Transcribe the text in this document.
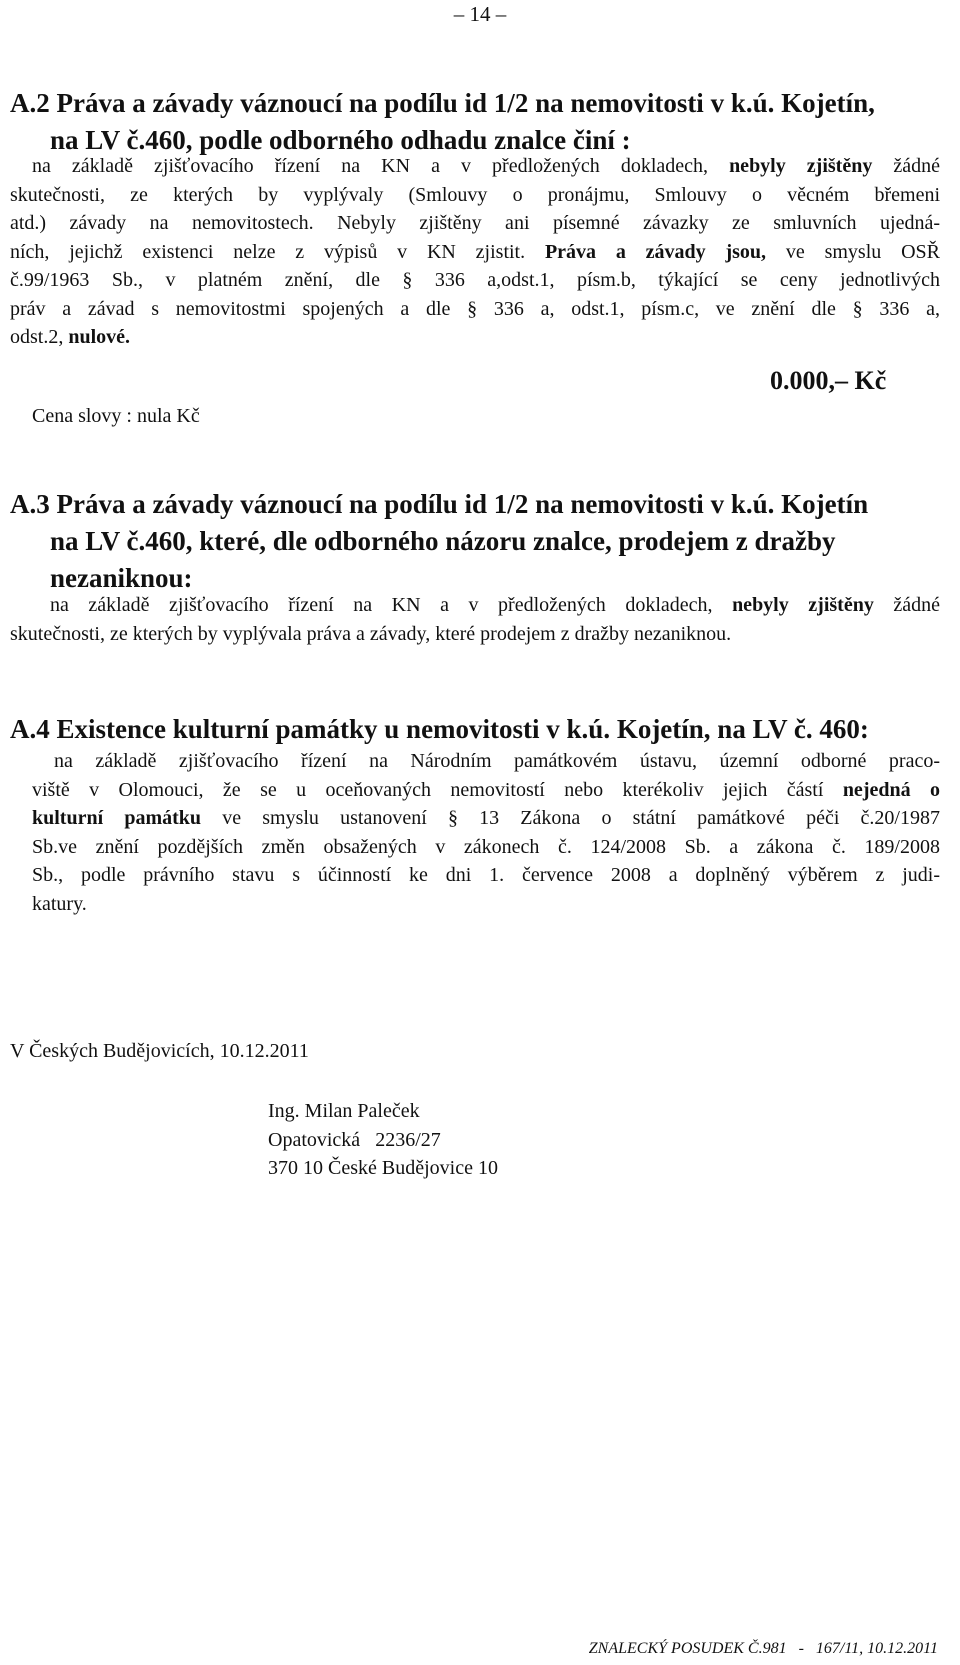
– 14 –
A.2 Práva a závady váznoucí na podílu id 1/2 na nemovitosti v k.ú. Kojetín,
na LV č.460, podle odborného odhadu znalce činí :
na základě zjišťovacího řízení na KN a v předložených dokladech, nebyly zjištěny žádné
skutečnosti, ze kterých by vyplývaly (Smlouvy o pronájmu, Smlouvy o věcném břemeni
atd.) závady na nemovitostech. Nebyly zjištěny ani písemné závazky ze smluvních ujedná-
ních, jejichž existenci nelze z výpisů v KN zjistit. Práva a závady jsou, ve smyslu OSŘ
č.99/1963 Sb., v platném znění, dle § 336 a,odst.1, písm.b, týkající se ceny jednotlivých
práv a závad s nemovitostmi spojených a dle § 336 a, odst.1, písm.c, ve znění dle § 336 a,
odst.2, nulové.
0.000,– Kč
Cena slovy : nula Kč
A.3 Práva a závady váznoucí na podílu id 1/2 na nemovitosti v k.ú. Kojetín
na LV č.460, které, dle odborného názoru znalce, prodejem z dražby
nezaniknou:
na základě zjišťovacího řízení na KN a v předložených dokladech, nebyly zjištěny žádné
skutečnosti, ze kterých by vyplývala práva a závady, které prodejem z dražby nezaniknou.
A.4 Existence kulturní památky u nemovitosti v k.ú. Kojetín, na LV č. 460:
na základě zjišťovacího řízení na Národním památkovém ústavu, územní odborné praco-
viště v Olomouci, že se u oceňovaných nemovitostí nebo kterékoliv jejich částí nejedná o
kulturní památku ve smyslu ustanovení § 13 Zákona o státní památkové péči č.20/1987
Sb.ve znění pozdějších změn obsažených v zákonech č. 124/2008 Sb. a zákona č. 189/2008
Sb., podle právního stavu s účinností ke dni 1. července 2008 a doplněný výběrem z judi-
katury.
V Českých Budějovicích, 10.12.2011
Ing. Milan Paleček
Opatovická   2236/27
370 10 České Budějovice 10
ZNALECKÝ POSUDEK Č.981   -   167/11, 10.12.2011
